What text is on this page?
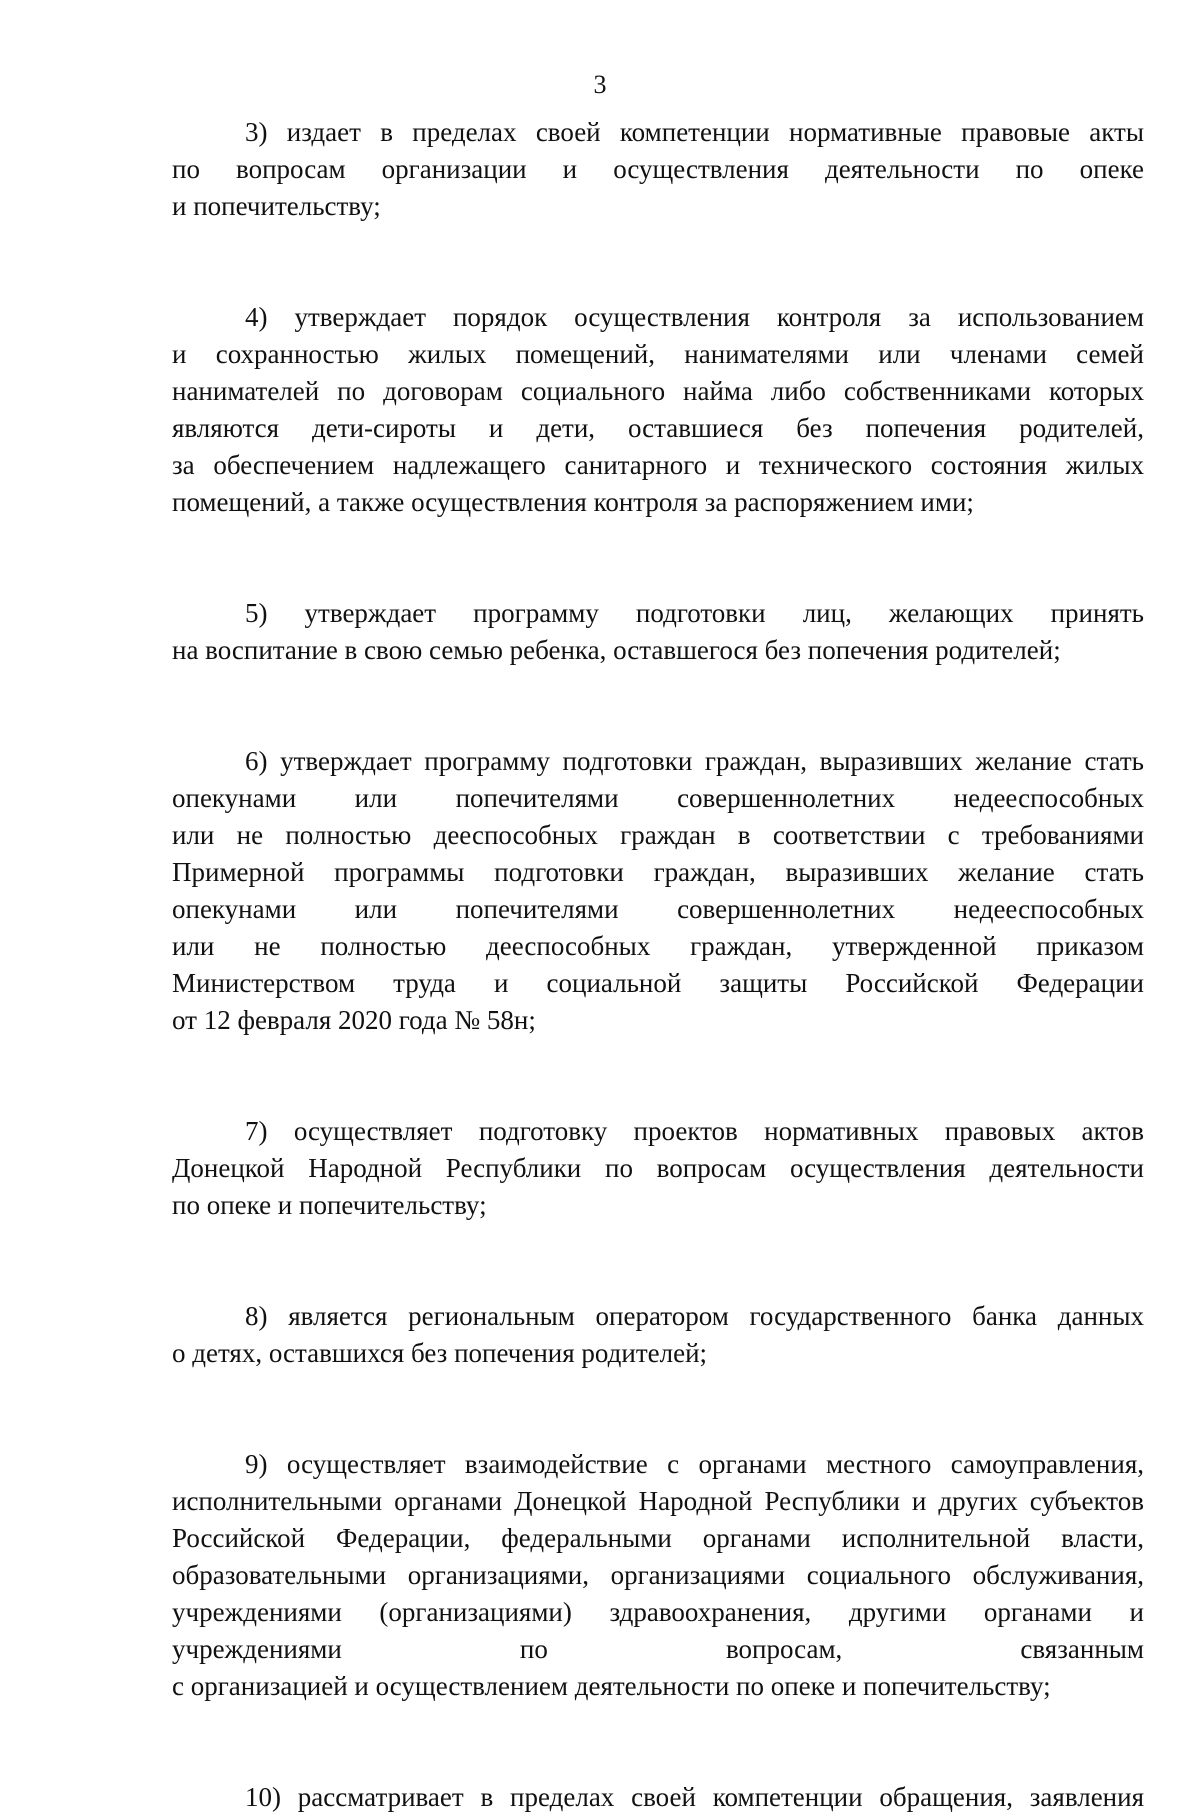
3
3) издает в пределах своей компетенции нормативные правовые акты
по вопросам организации и осуществления деятельности по опеке
и попечительству;
4) утверждает порядок осуществления контроля за использованием
и сохранностью жилых помещений, нанимателями или членами семей
нанимателей по договорам социального найма либо собственниками которых
являются дети-сироты и дети, оставшиеся без попечения родителей,
за обеспечением надлежащего санитарного и технического состояния жилых
помещений, а также осуществления контроля за распоряжением ими;
5) утверждает программу подготовки лиц, желающих принять
на воспитание в свою семью ребенка, оставшегося без попечения родителей;
6) утверждает программу подготовки граждан, выразивших желание стать
опекунами или попечителями совершеннолетних недееспособных
или не полностью дееспособных граждан в соответствии с требованиями
Примерной программы подготовки граждан, выразивших желание стать
опекунами или попечителями совершеннолетних недееспособных
или не полностью дееспособных граждан, утвержденной приказом
Министерством труда и социальной защиты Российской Федерации
от 12 февраля 2020 года № 58н;
7) осуществляет подготовку проектов нормативных правовых актов
Донецкой Народной Республики по вопросам осуществления деятельности
по опеке и попечительству;
8) является региональным оператором государственного банка данных
о детях, оставшихся без попечения родителей;
9) осуществляет взаимодействие с органами местного самоуправления,
исполнительными органами Донецкой Народной Республики и других субъектов
Российской Федерации, федеральными органами исполнительной власти,
образовательными организациями, организациями социального обслуживания,
учреждениями (организациями) здравоохранения, другими органами и
учреждениями по вопросам, связанным
с организацией и осуществлением деятельности по опеке и попечительству;
10) рассматривает в пределах своей компетенции обращения, заявления
